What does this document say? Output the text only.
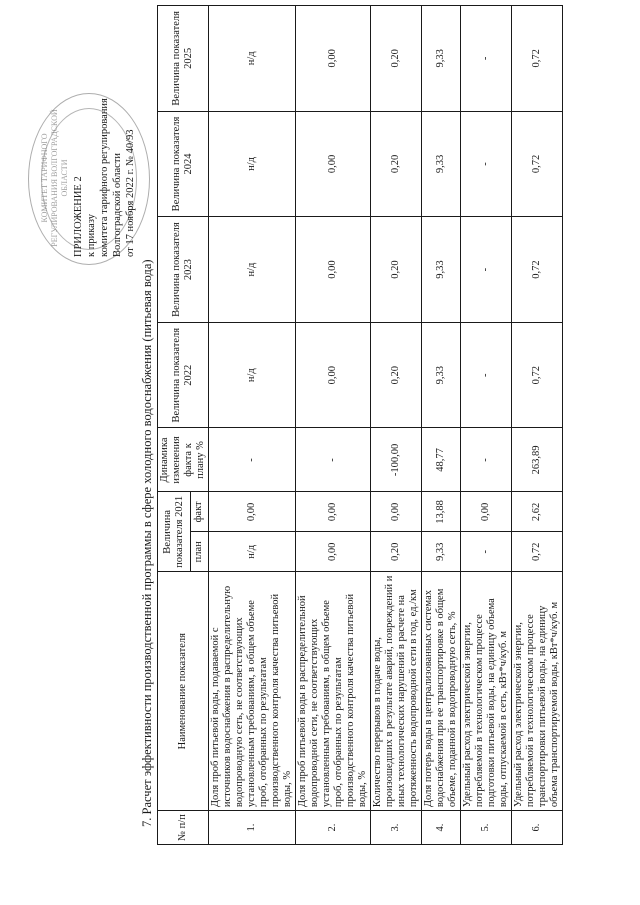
КОМИТЕТ ТАРИФНОГО РЕГУЛИРОВАНИЯ ВОЛГОГРАДСКОЙ ОБЛАСТИ ПРИЛОЖЕНИЕ 2 к приказу комитета тарифного регулирования Волгоградской области от 17 ноября 2022 г. № 40/93
7. Расчет эффективности производственной программы в сфере холодного водоснабжения (питьевая вода)
№ п/п	Наименование показателя	Величина показателя 2021		Динамика изменения факта к плану %	Величина показателя 2022	Величина показателя 2023	Величина показателя 2024	Величина показателя 2025
		план	факт					
1.	Доля проб питьевой воды, подаваемой с источников водоснабжения в распределительную водопроводную сеть, не соответствующих установленным требованиям, в общем объеме проб, отобранных по результатам производственного контроля качества питьевой воды, %	н/д	0,00	-	н/д	н/д	н/д	н/д
2.	Доля проб питьевой воды в распределительной водопроводной сети, не соответствующих установленным требованиям, в общем объеме проб, отобранных по результатам производственного контроля качества питьевой воды, %	0,00	0,00	-	0,00	0,00	0,00	0,00
3.	Количество перерывов в подаче воды, произошедших в результате аварий, повреждений и иных технологических нарушений в расчете на протяженность водопроводной сети в год, ед./км	0,20	0,00	-100,00	0,20	0,20	0,20	0,20
4.	Доля потерь воды в централизованных системах водоснабжения при ее транспортировке в общем объеме, поданной в водопроводную сеть, %	9,33	13,88	48,77	9,33	9,33	9,33	9,33
5.	Удельный расход электрической энергии, потребляемой в технологическом процессе подготовки питьевой воды, на единицу объема воды, отпускаемой в сеть, кВт*ч/куб. м	-	0,00	-	-	-	-	-
6.	Удельный расход электрической энергии, потребляемой в технологическом процессе транспортировки питьевой воды, на единицу объема транспортируемой воды, кВт*ч/куб. м	0,72	2,62	263,89	0,72	0,72	0,72	0,72
